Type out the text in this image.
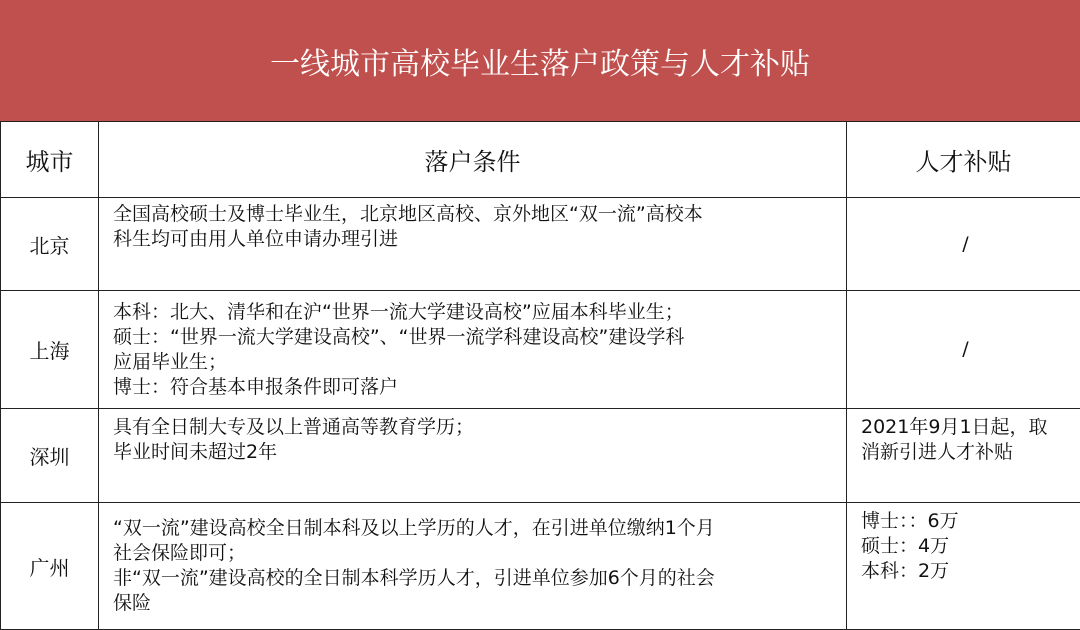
一线城市高校毕业生落户政策与人才补贴
城市	落户条件	人才补贴
北京	全国高校硕士及博士毕业生，北京地区高校、京外地区“双一流”高校本
科生均可由用人单位申请办理引进	/

上海	本科：北大、清华和在沪“世界一流大学建设高校”应届本科毕业生；
硕士：“世界一流大学建设高校”、“世界一流学科建设高校”建设学科
应届毕业生；
博士：符合基本申报条件即可落户	/

深圳	具有全日制大专及以上普通高等教育学历；
毕业时间未超过2年	2021年9月1日起，取
消新引进人才补贴

广州	“双一流”建设高校全日制本科及以上学历的人才，在引进单位缴纳1个月
社会保险即可；
非“双一流”建设高校的全日制本科学历人才，引进单位参加6个月的社会
保险	博士：：6万
硕士：4万
本科：2万
